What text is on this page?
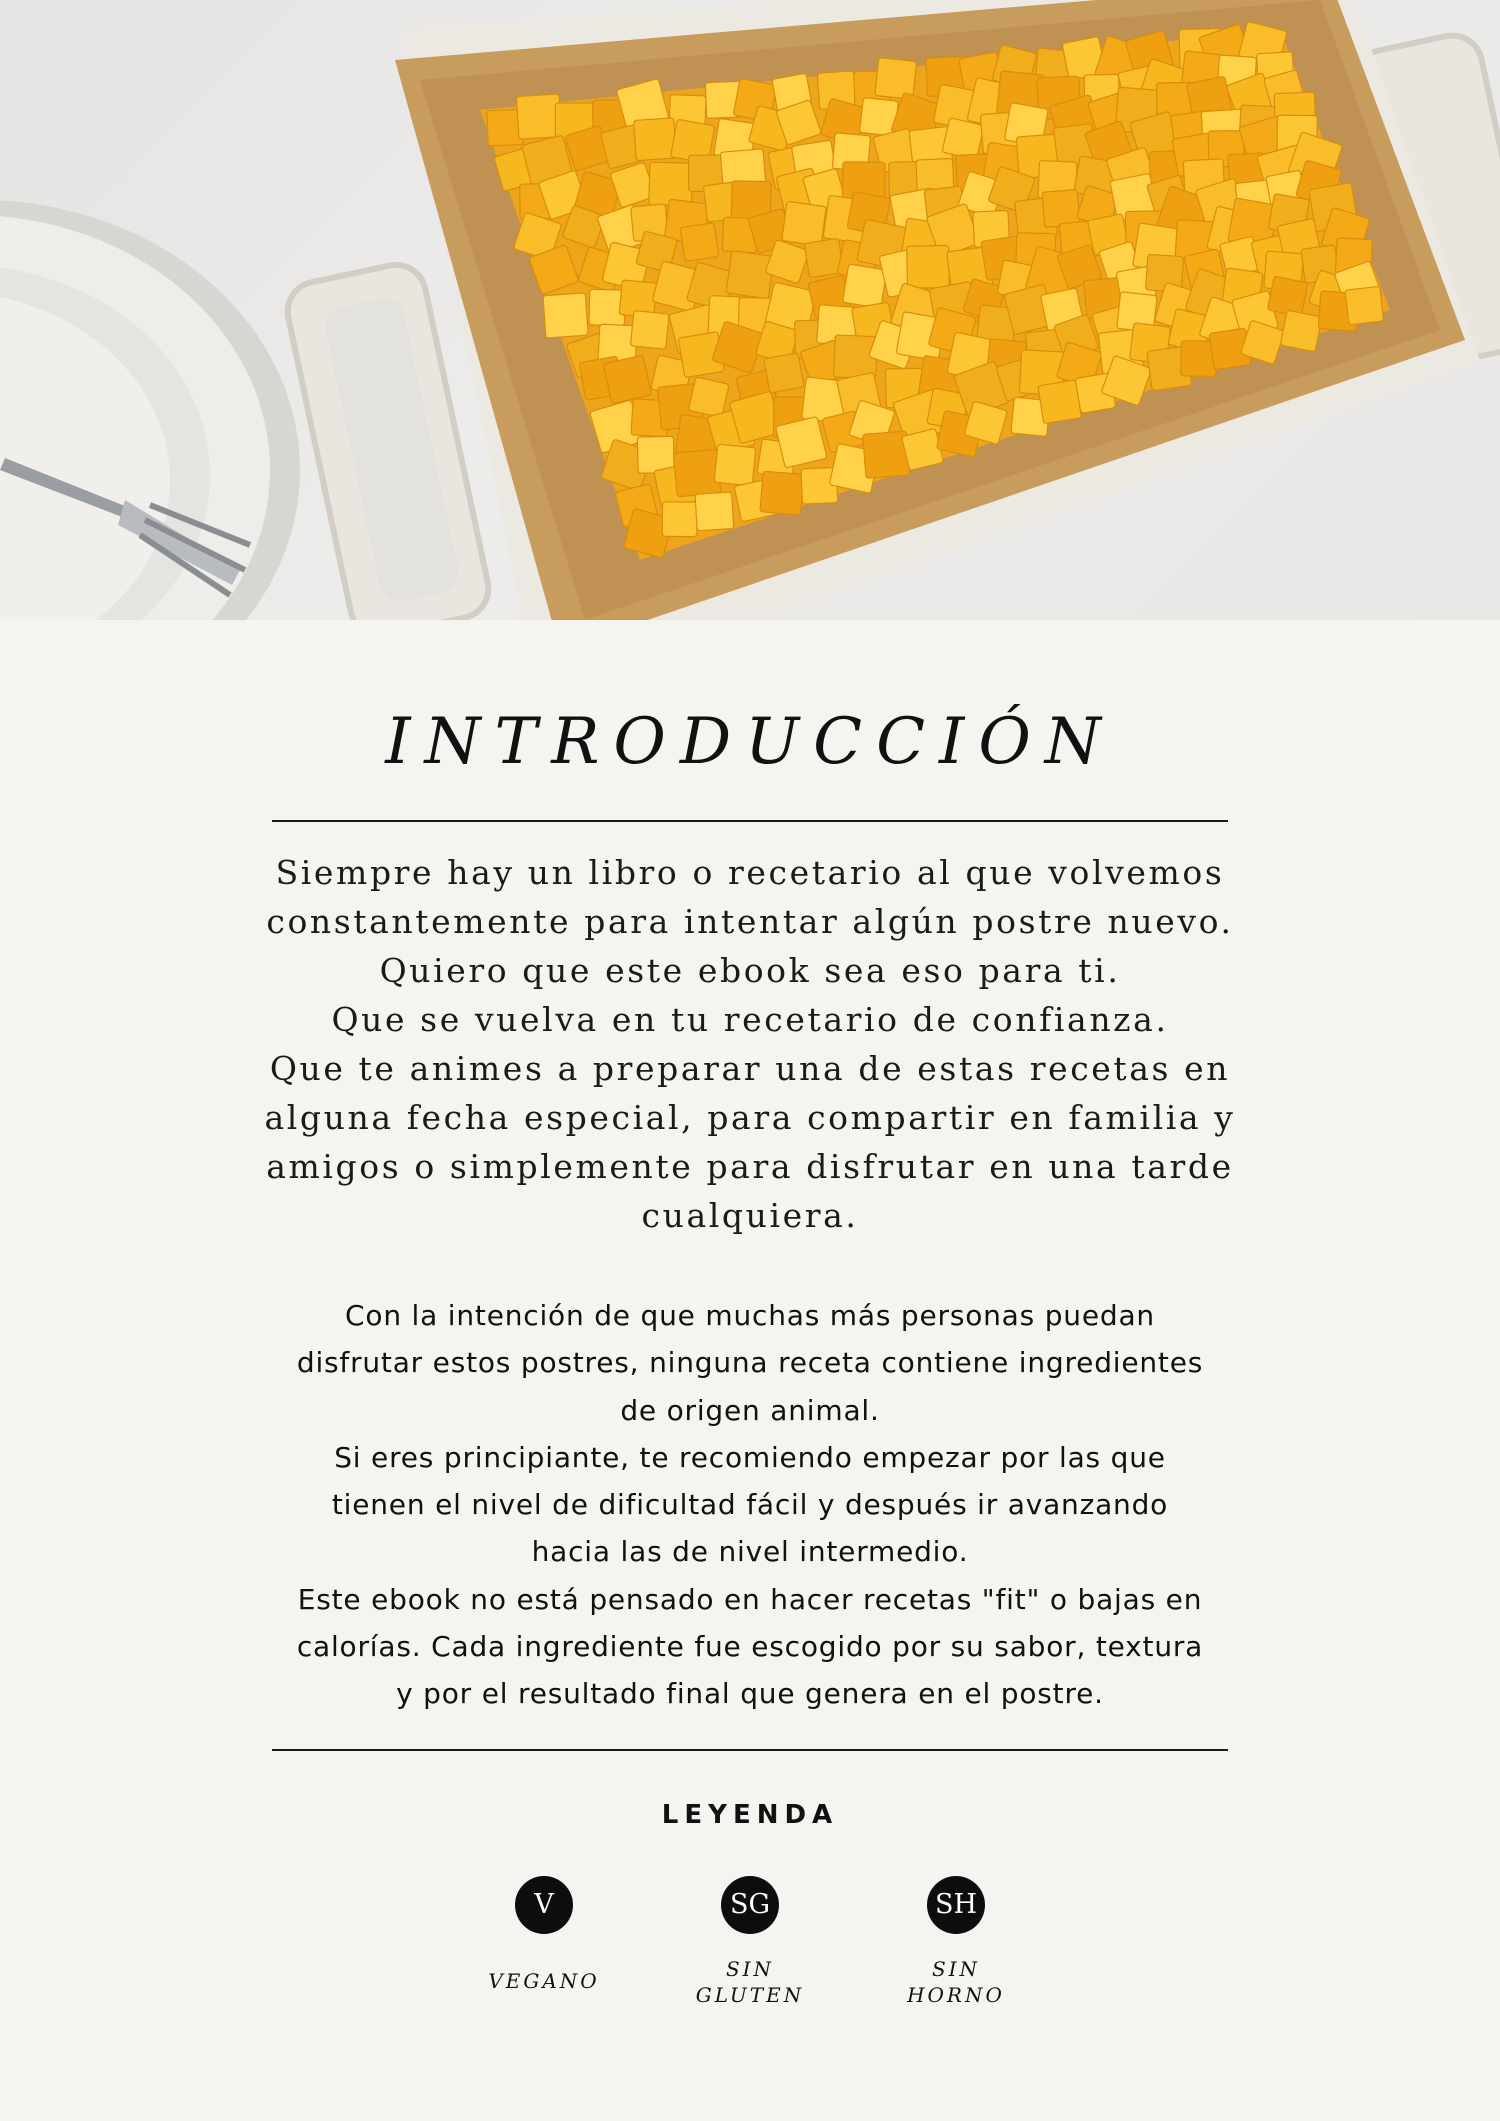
INTRODUCCIÓN

Siempre hay un libro o recetario al que volvemos

constantemente para intentar algún postre nuevo.

Quiero que este ebook sea eso para ti.

Que se vuelva en tu recetario de confianza.

Que te animes a preparar una de estas recetas en

alguna fecha especial, para compartir en familia y

amigos o simplemente para disfrutar en una tarde

cualquiera.

Con la intención de que muchas más personas puedan

disfrutar estos postres, ninguna receta contiene ingredientes

de origen animal.

Si eres principiante, te recomiendo empezar por las que

tienen el nivel de dificultad fácil y después ir avanzando

hacia las de nivel intermedio.

Este ebook no está pensado en hacer recetas "fit" o bajas en

calorías. Cada ingrediente fue escogido por su sabor, textura

y por el resultado final que genera en el postre.

LEYENDA
V
VEGANO
SG
SIN
GLUTEN
SH
SIN
HORNO
